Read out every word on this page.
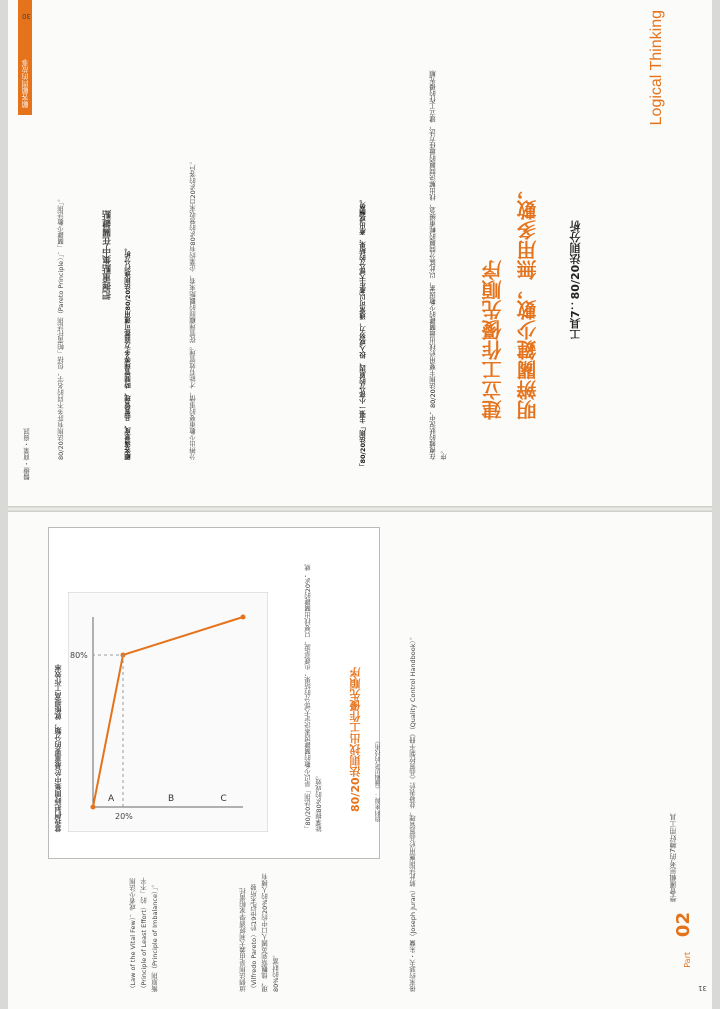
顧客顧問的故事
醫療・商業・資訊
30
分辨出少數重要的事情，才能有效管理。從管理顧問的觀點來看，企業約有80%的營收來自20%的客戶。	「80/20法則」主張一小部分的原因、投入或努力，通常可以產生大部分的結果、產出或酬勞。
顧客滿意度、品質管理、時間管理等多方面都可運用80/20法則進行分析。
把握重點集中在關鍵點
80/20法則有許多不同的名字，包括「帕雷托法則（Pareto Principle）」、「關鍵少數法則」。	工具7：80/20法則分析
明辨關鍵少數，無用多數，
建立工作優先順序
在複雜的狀況中，80/20法則主要用於找出最關鍵的少數因素，以此區分問題的輕重緩急，找出解決問題的最佳方法，建立工作的優先順序。
Logical Thinking
80/20法則找出工作優先順序
「80/20法則」是以少數的關鍵因素決定大部分的結果，也就是說，只要找出關鍵的20%，就能掌握80%的成效。
20%
80%
A	B	C
當我們把時間集中於最重要的分類，就能提高工作效率
（Law of the Vital Few），或者少法則（Principle of Least Effort）的「不平衡原則（Principle of Imbalance）」。	這個法則是由義大利經濟學家帕雷托（Vilfredo Pareto）於19世紀末所發現，他觀察到英國人口中約20%的人擁有80%的財富。	後來約瑟夫・朱蘭（Joseph Juran）將此法則應用於品質管理，並發表於《品質控制手冊》（Quality Control Handbook）。	Part
02
學會邏輯思考的7種好用工具
31
資料來源：《邏輯思考的技術》
